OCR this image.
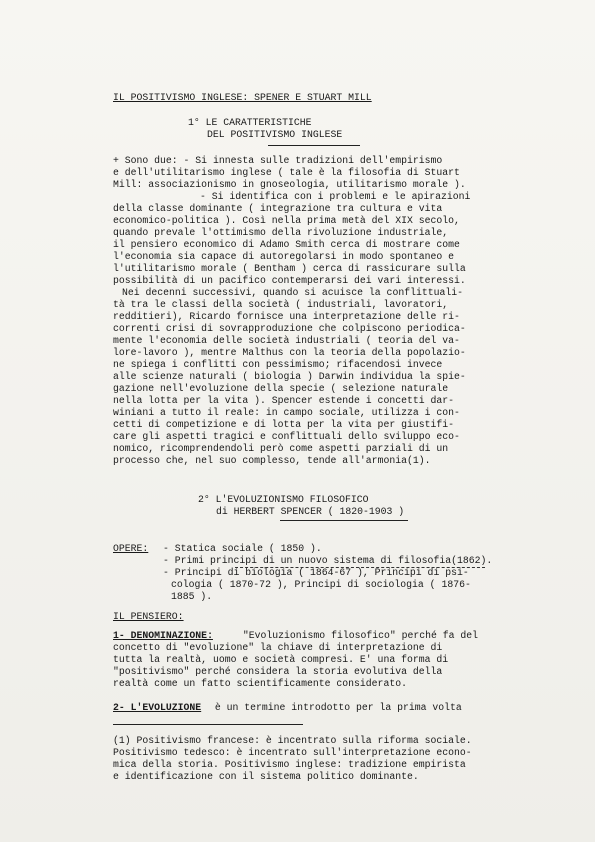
IL POSITIVISMO INGLESE: SPENER E STUART MILL
1° LE CARATTERISTICHE
DEL POSITIVISMO INGLESE
+ Sono due: - Si innesta sulle tradizioni dell'empirismo
e dell'utilitarismo inglese ( tale è la filosofia di Stuart
Mill: associazionismo in gnoseologia, utilitarismo morale ).
- Si identifica con i problemi e le apirazioni
della classe dominante ( integrazione tra cultura e vita
economico-politica ). Così nella prima metà del XIX secolo,
quando prevale l'ottimismo della rivoluzione industriale,
il pensiero economico di Adamo Smith cerca di mostrare come
l'economia sia capace di autoregolarsi in modo spontaneo e
l'utilitarismo morale ( Bentham ) cerca di rassicurare sulla
possibilità di un pacifico contemperarsi dei vari interessi.
Nei decenni successivi, quando si acuisce la conflittuali-
tà tra le classi della società ( industriali, lavoratori,
redditieri), Ricardo fornisce una interpretazione delle ri-
correnti crisi di sovrapproduzione che colpiscono periodica-
mente l'economia delle società industriali ( teoria del va-
lore-lavoro ), mentre Malthus con la teoria della popolazio-
ne spiega i conflitti con pessimismo; rifacendosi invece
alle scienze naturali ( biologia ) Darwin individua la spie-
gazione nell'evoluzione della specie ( selezione naturale
nella lotta per la vita ). Spencer estende i concetti dar-
winiani a tutto il reale: in campo sociale, utilizza i con-
cetti di competizione e di lotta per la vita per giustifi-
care gli aspetti tragici e conflittuali dello sviluppo eco-
nomico, ricomprendendoli però come aspetti parziali di un
processo che, nel suo complesso, tende all'armonia(1).
2° L'EVOLUZIONISMO FILOSOFICO
di HERBERT SPENCER ( 1820-1903 )
OPERE: - Statica sociale ( 1850 ).
- Primi principi di un nuovo sistema di filosofia(1862).
- Principi di biologia ( 1864-67 ), Principi di psi-
cologia ( 1870-72 ), Principi di sociologia ( 1876-
1885 ).
IL PENSIERO:
1- DENOMINAZIONE: "Evoluzionismo filosofico" perché fa del
concetto di "evoluzione" la chiave di interpretazione di
tutta la realtà, uomo e società compresi. E' una forma di
"positivismo" perché considera la storia evolutiva della
realtà come un fatto scientificamente considerato.
2- L'EVOLUZIONE è un termine introdotto per la prima volta
(1) Positivismo francese: è incentrato sulla riforma sociale.
Positivismo tedesco: è incentrato sull'interpretazione econo-
mica della storia. Positivismo inglese: tradizione empirista
e identificazione con il sistema politico dominante.
